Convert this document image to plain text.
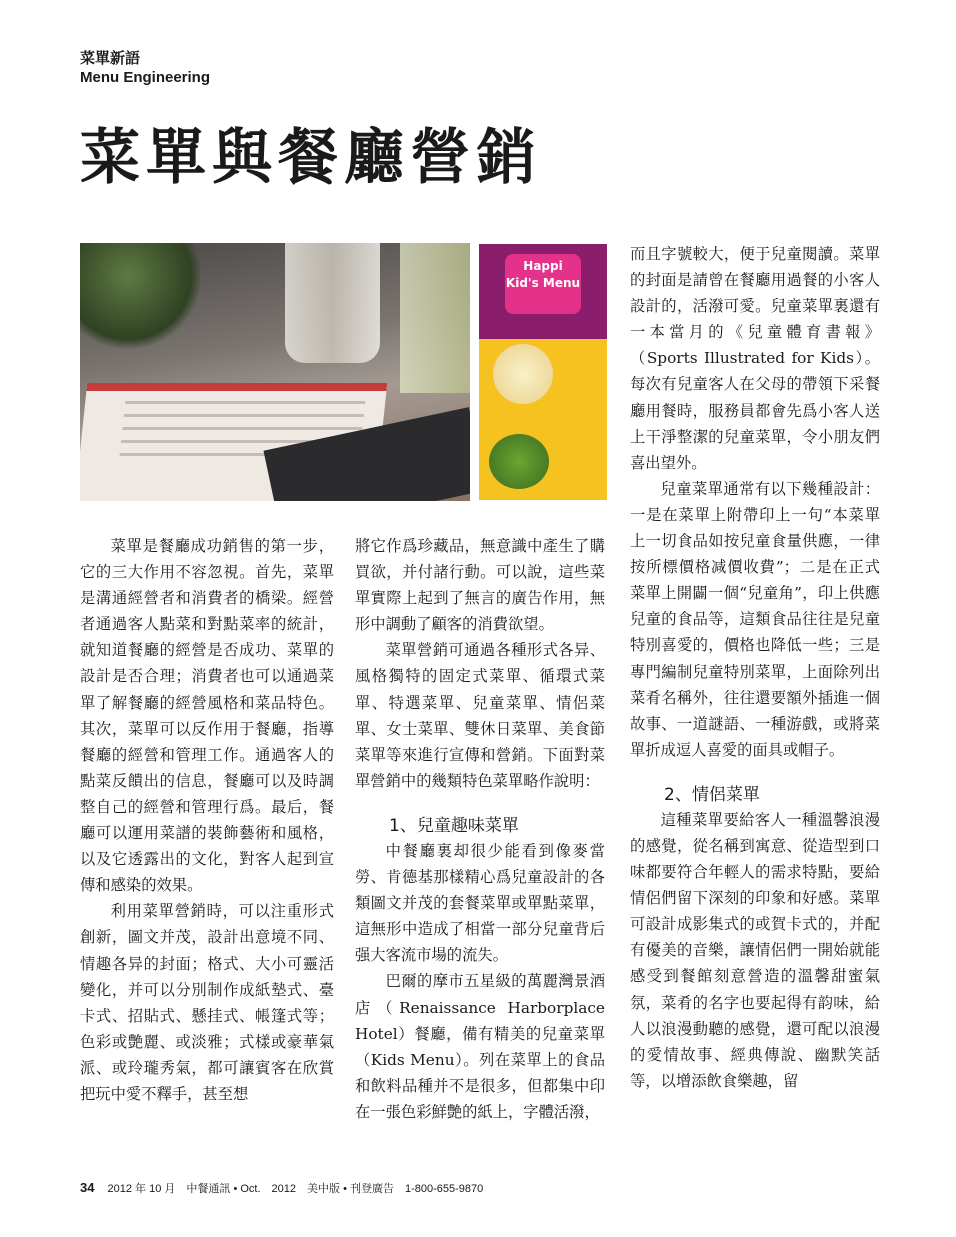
菜單新語
Menu Engineering
菜單與餐廳營銷
Happi Kid's Menu

菜單是餐廳成功銷售的第一步，它的三大作用不容忽視。首先，菜單是溝通經營者和消費者的橋梁。經營者通過客人點菜和對點菜率的統計，就知道餐廳的經營是否成功、菜單的設計是否合理；消費者也可以通過菜單了解餐廳的經營風格和菜品特色。其次，菜單可以反作用于餐廳，指導餐廳的經營和管理工作。通過客人的點菜反饋出的信息，餐廳可以及時調整自己的經營和管理行爲。最后，餐廳可以運用菜譜的裝飾藝術和風格，以及它透露出的文化，對客人起到宣傳和感染的效果。

利用菜單營銷時，可以注重形式創新，圖文并茂，設計出意境不同、情趣各异的封面；格式、大小可靈活變化，并可以分別制作成紙墊式、臺卡式、招貼式、懸挂式、帳篷式等；色彩或艶麗、或淡雅；式樣或豪華氣派、或玲瓏秀氣，都可讓賓客在欣賞把玩中愛不釋手，甚至想

將它作爲珍藏品，無意識中產生了購買欲，并付諸行動。可以說，這些菜單實際上起到了無言的廣告作用，無形中調動了顧客的消費欲望。

菜單營銷可通過各種形式各异、風格獨特的固定式菜單、循環式菜單、特選菜單、兒童菜單、情侶菜單、女士菜單、雙休日菜單、美食節菜單等來進行宣傳和營銷。下面對菜單營銷中的幾類特色菜單略作說明：

1、兒童趣味菜單

中餐廳裏却很少能看到像麥當勞、肯德基那樣精心爲兒童設計的各類圖文并茂的套餐菜單或單點菜單，這無形中造成了相當一部分兒童背后强大客流市場的流失。

巴爾的摩市五星級的萬麗灣景酒店（Renaissance Harborplace Hotel）餐廳，備有精美的兒童菜單（Kids Menu）。列在菜單上的食品和飲料品種并不是很多，但都集中印在一張色彩鮮艶的紙上，字體活潑，

而且字號較大，便于兒童閱讀。菜單的封面是請曾在餐廳用過餐的小客人設計的，活潑可愛。兒童菜單裏還有一本當月的《兒童體育書報》（Sports Illustrated for Kids）。每次有兒童客人在父母的帶領下采餐廳用餐時，服務員都會先爲小客人送上干淨整潔的兒童菜單，令小朋友們喜出望外。

兒童菜單通常有以下幾種設計：一是在菜單上附帶印上一句“本菜單上一切食品如按兒童食量供應，一律按所標價格减價收費”；二是在正式菜單上開闢一個“兒童角”，印上供應兒童的食品等，這類食品往往是兒童特別喜愛的，價格也降低一些；三是專門編制兒童特別菜單，上面除列出菜肴名稱外，往往還要額外插進一個故事、一道謎語、一種游戲，或將菜單折成逗人喜愛的面具或帽子。

2、情侶菜單

這種菜單要給客人一種溫馨浪漫的感覺，從名稱到寓意、從造型到口味都要符合年輕人的需求特點，要給情侶們留下深刻的印象和好感。菜單可設計成影集式的或賀卡式的，并配有優美的音樂，讓情侶們一開始就能感受到餐館刻意營造的溫馨甜蜜氣氛，菜肴的名字也要起得有韵味，給人以浪漫動聽的感覺，還可配以浪漫的愛情故事、經典傳說、幽默笑話等，以增添飲食樂趣，留

34 2012 年 10 月　中餐通訊 • Oct.　2012　美中版 • 刊登廣告　1-800-655-9870
